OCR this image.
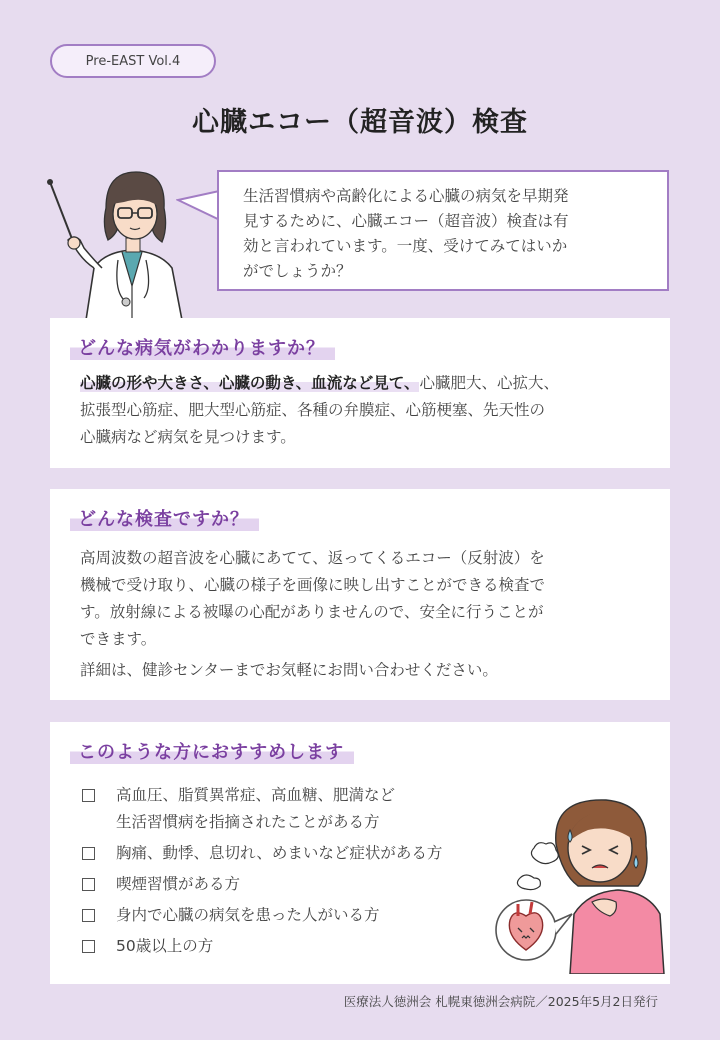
Pre-EAST Vol.4
心臓エコー（超音波）検査
生活習慣病や高齢化による心臓の病気を早期発
見するために、心臓エコー（超音波）検査は有
効と言われています。一度、受けてみてはいか
がでしょうか？
どんな病気がわかりますか？
心臓の形や大きさ、心臓の動き、血流など見て、心臓肥大、心拡大、
拡張型心筋症、肥大型心筋症、各種の弁膜症、心筋梗塞、先天性の
心臓病など病気を見つけます。
どんな検査ですか？
高周波数の超音波を心臓にあてて、返ってくるエコー（反射波）を
機械で受け取り、心臓の様子を画像に映し出すことができる検査で
す。放射線による被曝の心配がありませんので、安全に行うことが
できます。
詳細は、健診センターまでお気軽にお問い合わせください。
このような方におすすめします
高血圧、脂質異常症、高血糖、肥満など
生活習慣病を指摘されたことがある方
胸痛、動悸、息切れ、めまいなど症状がある方
喫煙習慣がある方
身内で心臓の病気を患った人がいる方
50歳以上の方
医療法人徳洲会 札幌東徳洲会病院／2025年5月2日発行
